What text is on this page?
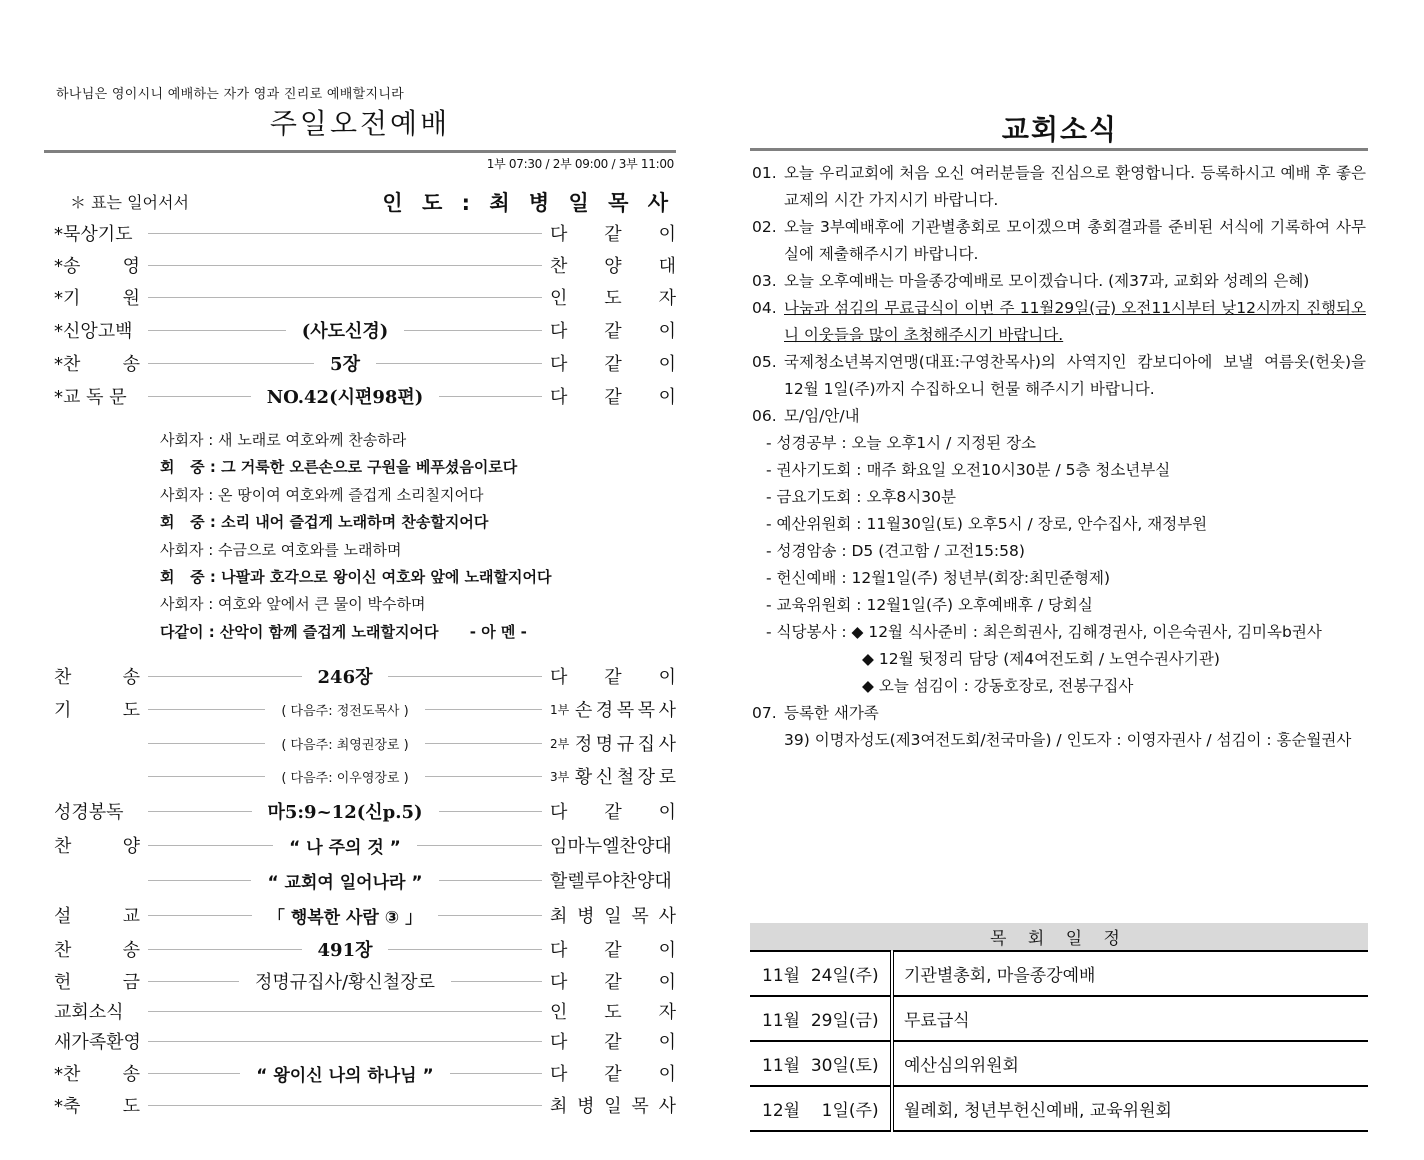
하나님은 영이시니 예배하는 자가 영과 진리로 예배할지니라
주일오전예배
1부 07:30 / 2부 09:00 / 3부 11:00
＊ 표는 일어서서	인 도 : 최 병 일 목 사
*묵상기도	다 같 이
*송 영	찬 양 대
*기 원	인 도 자
*신앙고백	(사도신경)	다 같 이
*찬 송	5장	다 같 이
*교 독 문	NO.42(시편98편)	다 같 이
사회자 : 새 노래로 여호와께 찬송하라
회   중 : 그 거룩한 오른손으로 구원을 베푸셨음이로다
사회자 : 온 땅이여 여호와께 즐겁게 소리칠지어다
회   중 : 소리 내어 즐겁게 노래하며 찬송할지어다
사회자 : 수금으로 여호와를 노래하며
회   중 : 나팔과 호각으로 왕이신 여호와 앞에 노래할지어다
사회자 : 여호와 앞에서 큰 물이 박수하며
다같이 : 산악이 함께 즐겁게 노래할지어다      - 아 멘 -
찬	송	246장	다 같 이
기	도	( 다음주: 정전도목사 )	1부 손 경 목 목 사
( 다음주: 최영권장로 )	2부 정 명 규 집 사
( 다음주: 이우영장로 )	3부 황 신 철 장 로
성경봉독	마5:9~12(신p.5)	다 같 이
찬	양	“ 나 주의 것 ”	임마누엘찬양대
“ 교회여 일어나라 ”	할렐루야찬양대
설	교	「 행복한 사람 ③ 」	최 병 일 목 사
찬	송	491장	다 같 이
헌	금	정명규집사/황신철장로	다 같 이
교회소식	인 도 자
새가족환영	다 같 이
*찬 송	“ 왕이신 나의 하나님 ”	다 같 이
*축 도	최 병 일 목 사
교회소식
01. 오늘 우리교회에 처음 오신 여러분들을 진심으로 환영합니다. 등록하시고 예배 후 좋은 교제의 시간 가지시기 바랍니다.
02. 오늘 3부예배후에 기관별총회로 모이겠으며 총회결과를 준비된 서식에 기록하여 사무실에 제출해주시기 바랍니다.
03. 오늘 오후예배는 마을종강예배로 모이겠습니다. (제37과, 교회와 성례의 은혜)
04. 나눔과 섬김의 무료급식이 이번 주 11월29일(금) 오전11시부터 낮12시까지 진행되오니 이웃들을 많이 초청해주시기 바랍니다.
05. 국제청소년복지연맹(대표:구영찬목사)의 사역지인 캄보디아에 보낼 여름옷(헌옷)을 12월 1일(주)까지 수집하오니 헌물 해주시기 바랍니다.
06. 모/임/안/내
- 성경공부 : 오늘 오후1시 / 지정된 장소
- 권사기도회 : 매주 화요일 오전10시30분 / 5층 청소년부실
- 금요기도회 : 오후8시30분
- 예산위원회 : 11월30일(토) 오후5시 / 장로, 안수집사, 재정부원
- 성경암송 : D5 (견고함 / 고전15:58)
- 헌신예배 : 12월1일(주) 청년부(회장:최민준형제)
- 교육위원회 : 12월1일(주) 오후예배후 / 당회실
- 식당봉사 : ◆ 12월 식사준비 : 최은희권사, 김해경권사, 이은숙권사, 김미옥b권사
◆ 12월 뒷정리 담당 (제4여전도회 / 노연수권사기관)
◆ 오늘 섬김이 : 강동호장로, 전봉구집사
07. 등록한 새가족
39) 이명자성도(제3여전도회/천국마을) / 인도자 : 이영자권사 / 섬김이 : 홍순월권사
목 회 일 정	
11월  24일(주)	기관별총회, 마을종강예배
11월  29일(금)	무료급식
11월  30일(토)	예산심의위원회
12월    1일(주)	월례회, 청년부헌신예배, 교육위원회
